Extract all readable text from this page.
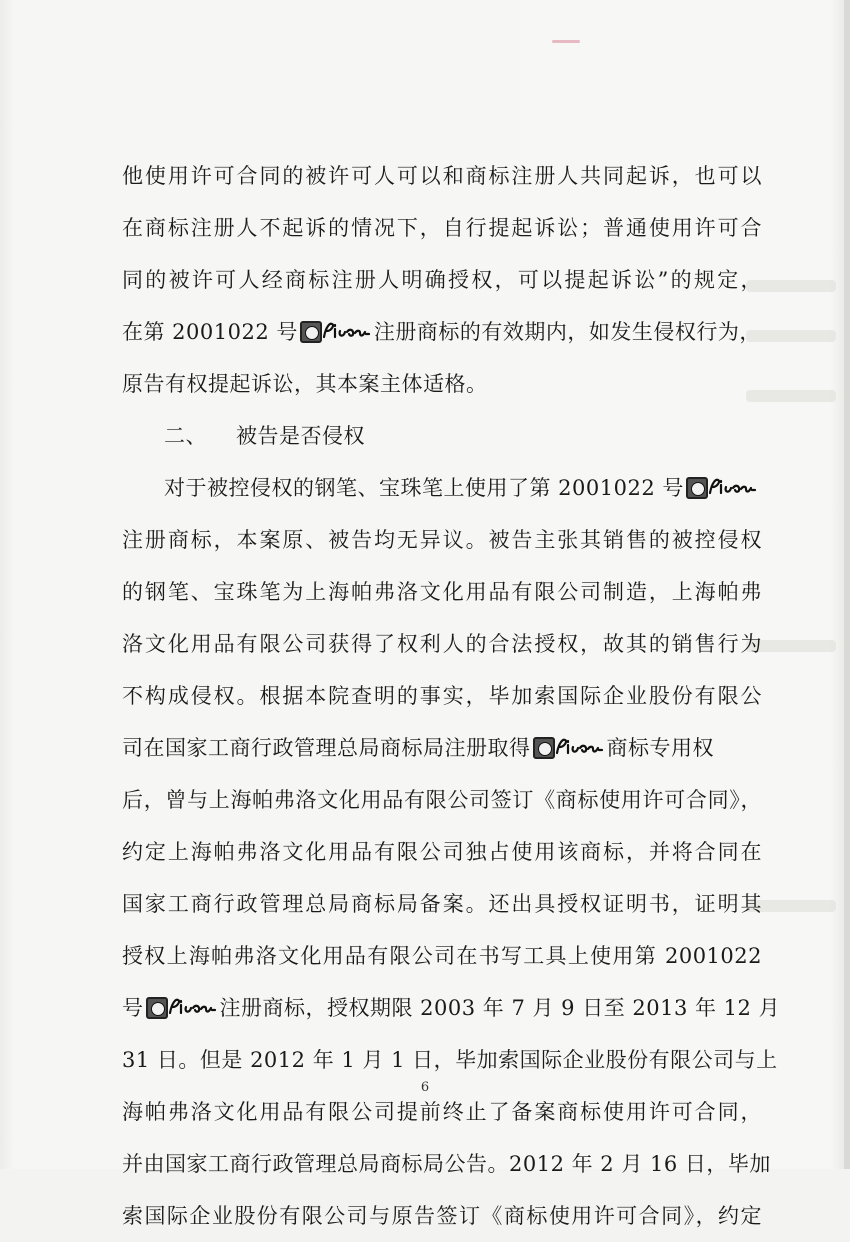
他使用许可合同的被许可人可以和商标注册人共同起诉，也可以
在商标注册人不起诉的情况下，自行提起诉讼；普通使用许可合
同的被许可人经商标注册人明确授权，可以提起诉讼”的规定，
在第 2001022 号	注册商标的有效期内，如发生侵权行为，
原告有权提起诉讼，其本案主体适格。
二、 被告是否侵权
对于被控侵权的钢笔、宝珠笔上使用了第 2001022 号
注册商标，本案原、被告均无异议。被告主张其销售的被控侵权
的钢笔、宝珠笔为上海帕弗洛文化用品有限公司制造，上海帕弗
洛文化用品有限公司获得了权利人的合法授权，故其的销售行为
不构成侵权。根据本院查明的事实，毕加索国际企业股份有限公
司在国家工商行政管理总局商标局注册取得	商标专用权
后，曾与上海帕弗洛文化用品有限公司签订《商标使用许可合同》，
约定上海帕弗洛文化用品有限公司独占使用该商标，并将合同在
国家工商行政管理总局商标局备案。还出具授权证明书，证明其
授权上海帕弗洛文化用品有限公司在书写工具上使用第 2001022
号	注册商标，授权期限 2003 年 7 月 9 日至 2013 年 12 月
31 日。但是 2012 年 1 月 1 日，毕加索国际企业股份有限公司与上
海帕弗洛文化用品有限公司提前终止了备案商标使用许可合同，
并由国家工商行政管理总局商标局公告。2012 年 2 月 16 日，毕加
索国际企业股份有限公司与原告签订《商标使用许可合同》，约定
6
